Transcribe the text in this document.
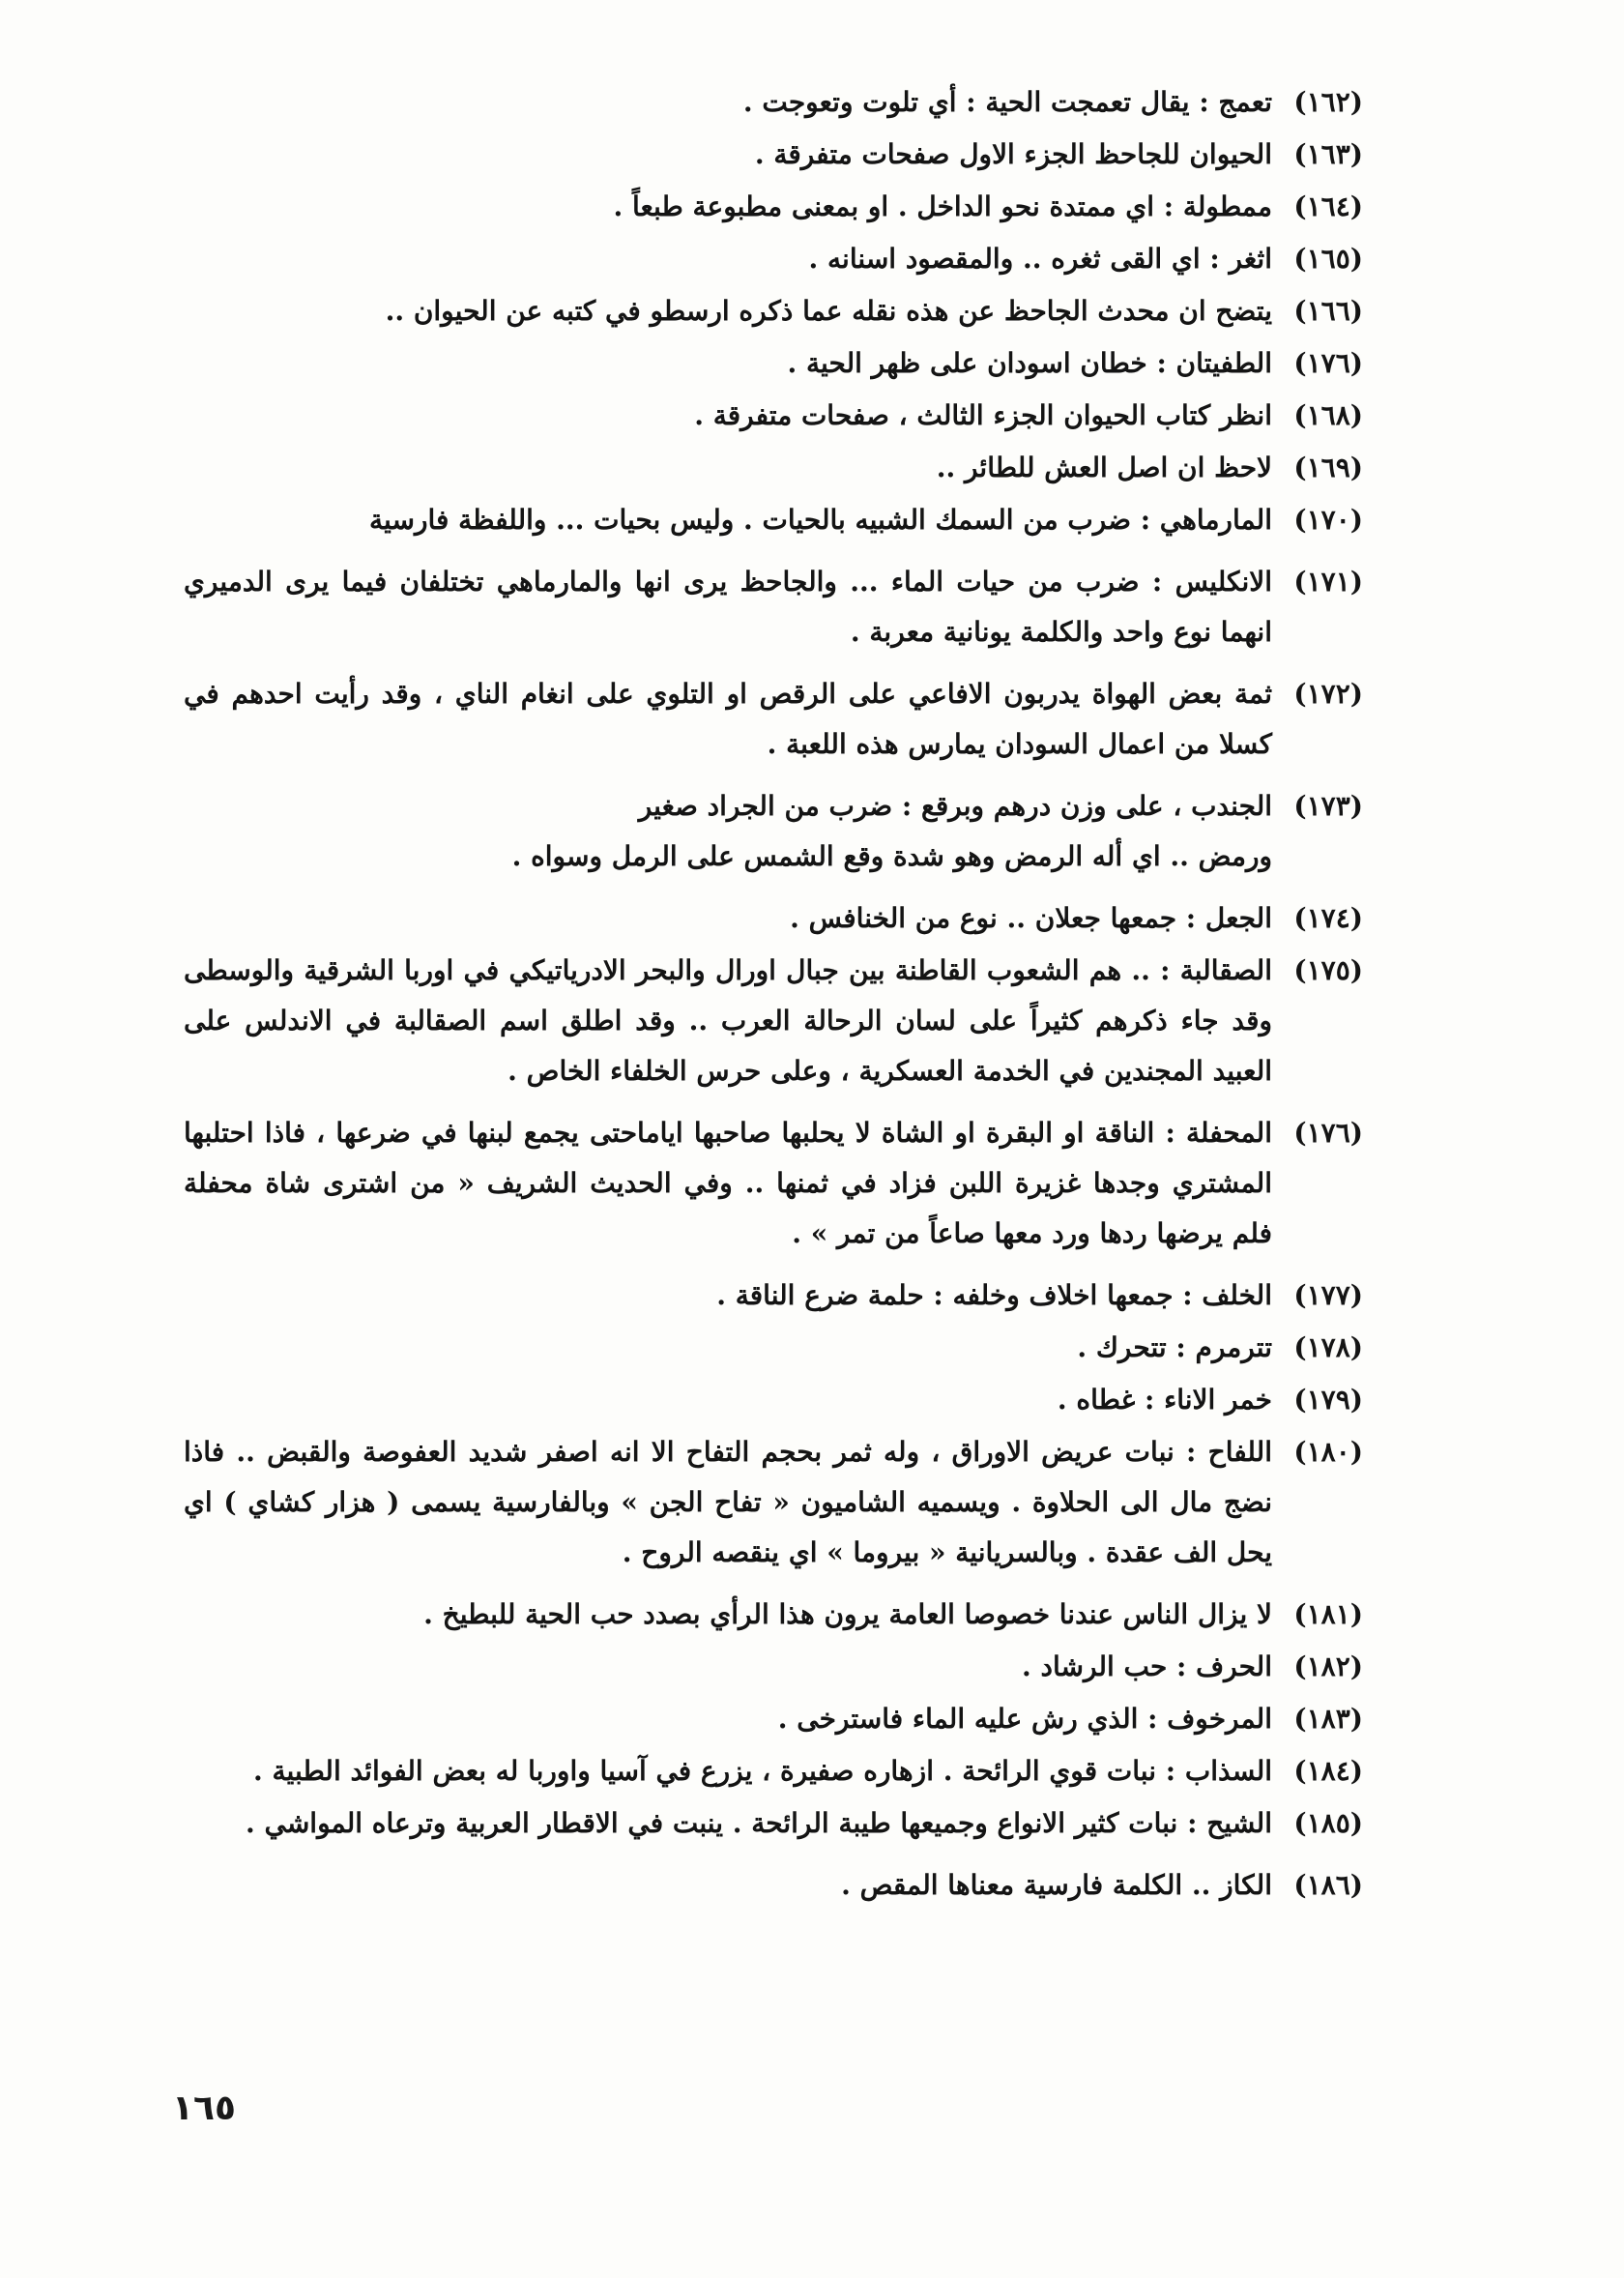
(١٦٢)
تعمج : يقال تعمجت الحية : أي تلوت وتعوجت .
(١٦٣)
الحيوان للجاحظ الجزء الاول صفحات متفرقة .
(١٦٤)
ممطولة : اي ممتدة نحو الداخل . او بمعنى مطبوعة طبعاً .
(١٦٥)
اثغر : اي القى ثغره .. والمقصود اسنانه .
(١٦٦)
يتضح ان محدث الجاحظ عن هذه نقله عما ذكره ارسطو في كتبه عن الحيوان ..
(١٧٦)
الطفيتان : خطان اسودان على ظهر الحية .
(١٦٨)
انظر كتاب الحيوان الجزء الثالث ، صفحات متفرقة .
(١٦٩)
لاحظ ان اصل العش للطائر ..
(١٧٠)
المارماهي : ضرب من السمك الشبيه بالحيات . وليس بحيات ... واللفظة فارسية
(١٧١)
الانكليس : ضرب من حيات الماء ... والجاحظ يرى انها والمارماهي تختلفان فيما يرى الدميري انهما نوع واحد والكلمة يونانية معربة .
(١٧٢)
ثمة بعض الهواة يدربون الافاعي على الرقص او التلوي على انغام الناي ، وقد رأيت احدهم في كسلا من اعمال السودان يمارس هذه اللعبة .
(١٧٣)
الجندب ، على وزن درهم وبرقع : ضرب من الجراد صغير
ورمض .. اي أله الرمض وهو شدة وقع الشمس على الرمل وسواه .
(١٧٤)
الجعل : جمعها جعلان .. نوع من الخنافس .
(١٧٥)
الصقالبة : .. هم الشعوب القاطنة بين جبال اورال والبحر الادرياتيكي في اوربا الشرقية والوسطى وقد جاء ذكرهم كثيراً على لسان الرحالة العرب .. وقد اطلق اسم الصقالبة في الاندلس على العبيد المجندين في الخدمة العسكرية ، وعلى حرس الخلفاء الخاص .
(١٧٦)
المحفلة : الناقة او البقرة او الشاة لا يحلبها صاحبها اياماحتى يجمع لبنها في ضرعها ، فاذا احتلبها المشتري وجدها غزيرة اللبن فزاد في ثمنها .. وفي الحديث الشريف « من اشترى شاة محفلة فلم يرضها ردها ورد معها صاعاً من تمر » .
(١٧٧)
الخلف : جمعها اخلاف وخلفه : حلمة ضرع الناقة .
(١٧٨)
تترمرم : تتحرك .
(١٧٩)
خمر الاناء : غطاه .
(١٨٠)
اللفاح : نبات عريض الاوراق ، وله ثمر بحجم التفاح الا انه اصفر شديد العفوصة والقبض .. فاذا نضج مال الى الحلاوة . ويسميه الشاميون « تفاح الجن » وبالفارسية يسمى ( هزار كشاي ) اي يحل الف عقدة . وبالسريانية « بيروما » اي ينقصه الروح .
(١٨١)
لا يزال الناس عندنا خصوصا العامة يرون هذا الرأي بصدد حب الحية للبطيخ .
(١٨٢)
الحرف : حب الرشاد .
(١٨٣)
المرخوف : الذي رش عليه الماء فاسترخى .
(١٨٤)
السذاب : نبات قوي الرائحة . ازهاره صفيرة ، يزرع في آسيا واوربا له بعض الفوائد الطبية .
(١٨٥)
الشيح : نبات كثير الانواع وجميعها طيبة الرائحة . ينبت في الاقطار العربية وترعاه المواشي .
(١٨٦)
الكاز .. الكلمة فارسية معناها المقص .
١٦٥
